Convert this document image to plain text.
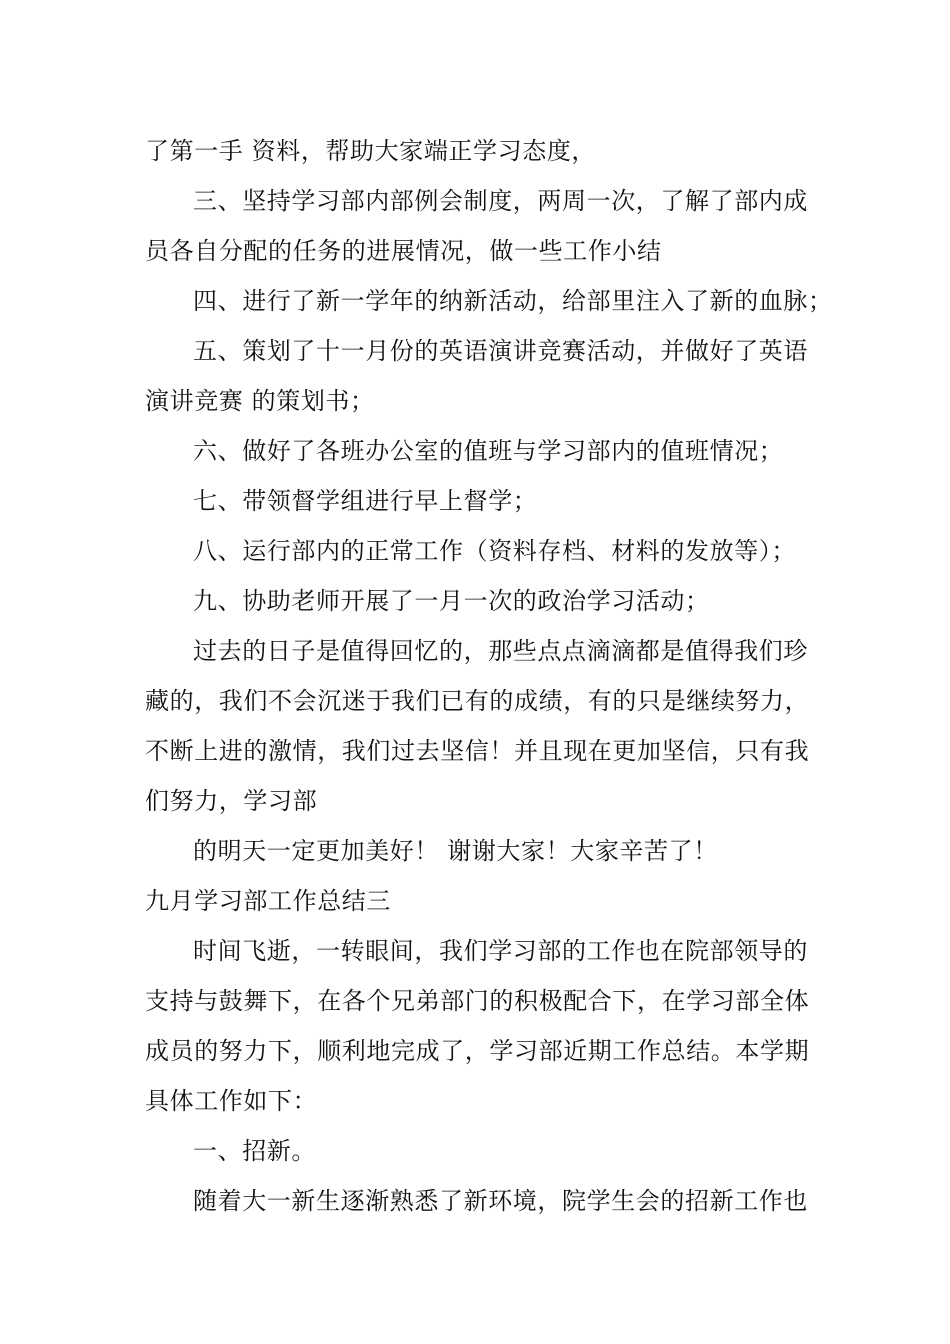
了第一手 资料，帮助大家端正学习态度，
三、坚持学习部内部例会制度，两周一次，了解了部内成
员各自分配的任务的进展情况，做一些工作小结
四、进行了新一学年的纳新活动，给部里注入了新的血脉；
五、策划了十一月份的英语演讲竞赛活动，并做好了英语
演讲竞赛 的策划书；
六、做好了各班办公室的值班与学习部内的值班情况；
七、带领督学组进行早上督学；
八、运行部内的正常工作（资料存档、材料的发放等）；
九、协助老师开展了一月一次的政治学习活动；
过去的日子是值得回忆的，那些点点滴滴都是值得我们珍
藏的，我们不会沉迷于我们已有的成绩，有的只是继续努力，
不断上进的激情，我们过去坚信！并且现在更加坚信，只有我
们努力，学习部
的明天一定更加美好！ 谢谢大家！大家辛苦了！
九月学习部工作总结三
时间飞逝，一转眼间，我们学习部的工作也在院部领导的
支持与鼓舞下，在各个兄弟部门的积极配合下，在学习部全体
成员的努力下，顺利地完成了，学习部近期工作总结。本学期
具体工作如下：
一、招新。
随着大一新生逐渐熟悉了新环境，院学生会的招新工作也
